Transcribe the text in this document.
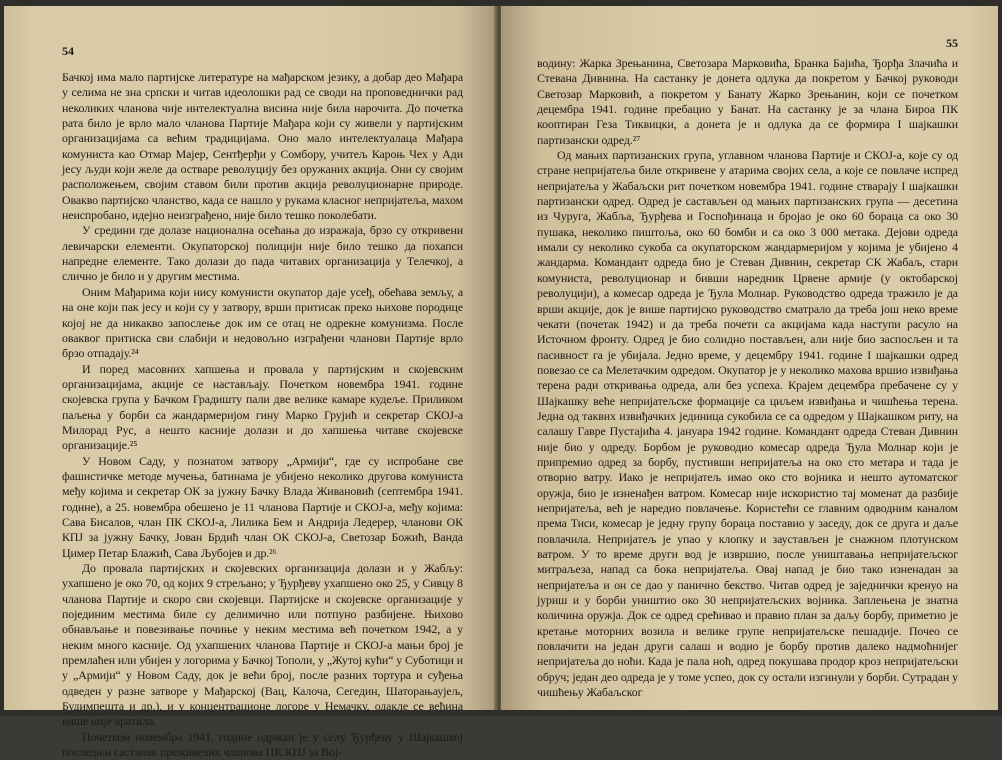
54

Бачкој има мало партијске литературе на мађарском језику, а добар део Мађара у селима не зна српски и читав идеолошки рад се своди на проповеднички рад неколиких чланова чије интелектуална висина није била нарочита. До почетка рата било је врло мало чланова Партије Мађара који су живели у партијским организацијама са већим традицијама. Оно мало интелектуалаца Мађара комуниста као Отмар Мајер, Сентђерђи у Сомбору, учитељ Кароњ Чех у Ади јесу људи који желе да остваре револуцију без оружаних акција. Они су својим расположењем, својим ставом били против акција револуционарне природе. Овакво партијско чланство, када се нашло у рукама класног непријатеља, махом неиспробано, идејно неизграђено, није било тешко поколебати.

У средини где долазе национална осећања до изражаја, брзо су откривени левичарски елементи. Окупаторској полицији није било тешко да похапси напреднe елементе. Тако долази до пада читавих организација у Телечкој, а слично је било и у другим местима.

Оним Мађарима који нису комунисти окупатор даје уcеђ, обећава земљу, а на оне који пак јесу и који су у затвору, врши притисак преко њихове породице којој не да никакво запослење док им се отац не одрекне комунизма. После оваквог притиска сви слабији и недовољно изграђени чланови Партије врло брзо отпадају.²⁴

И поред масовних хапшења и провала у партијским и скојевским организацијама, акције се настављају. Почетком новембра 1941. године скојевска група у Бачком Градишту пали две велике камаре кудеље. Приликом паљења у борби са жандармеријом гину Марко Грујић и секретар СКОЈ-а Милорад Рус, а нешто касније долази и до хапшења читаве скојевске организације.²⁵

У Новом Саду, у познатом затвору „Армији“, где су испробане све фашистичке методе мучења, батинама је убијено неколико другова комуниста међу којима и секретар ОК за јужну Бачку Влада Живановић (септембра 1941. године), а 25. новембра обешено је 11 чланова Партије и СКОЈ-а, међу којима: Сава Бисалов, члан ПК СКОЈ-а, Лилика Бем и Андрија Ледерер, чланови ОК КПЈ за јужну Бачку, Јован Брдић члан ОК СКОЈ-а, Светозар Божић, Ванда Цимер Петар Блажић, Сава Љубојев и др.²⁶

До провала партијских и скојевских организација долази и у Жабљу: ухапшено је око 70, од којих 9 стрељано; у Ђурђеву ухапшено око 25, у Сивцу 8 чланова Партије и скоро сви скојевци. Партијске и скојевске организације у појединим местима биле су делимично или потпуно разбијене. Њихово обнављање и повезивање почиње у неким местима већ почетком 1942, а у неким много касније. Од ухапшених чланова Партије и СКОЈ-а мањи број је премлаћен или убијен у логорима у Бачкој Тополи, у „Жутој кући“ у Суботици и у „Армији“ у Новом Саду, док је већи број, после разних тортура и суђења одведен у разне затворе у Мађарској (Вац, Калоча, Сегедин, Шаторањаујељ, Будимпешта и др.), и у концентрационе логоре у Немачку, одакле се већина више није вратила.

Почетком новембра 1941. године одржан је у селу Ђурђеву у Шајкашкој последњи састанак преживелих чланова ПК КПЈ за Вој-

55

водину: Жарка Зрењанина, Светозара Марковића, Бранка Бајића, Ђорђа Злачића и Стевана Дивнина. На састанку је донета одлука да покретом у Бачкој руководи Светозар Марковић, а покретом у Банату Жарко Зрењанин, који се почетком децембра 1941. године пребацио у Банат. На састанку је за члана Бироа ПК кооптиран Геза Тиквицки, а донета је и одлука да се формира I шајкашки партизански одред.²⁷

Од мањих партизанских група, углавном чланова Партије и СКОЈ-а, које су од стране непријатеља биле откривене у атарима својих села, а које се повлаче испред непријатеља у Жабаљски рит почетком новембра 1941. године стварају I шајкашки партизански одред. Одред је састављен од мањих партизанских група — десетина из Чуруга, Жабља, Ђурђева и Госпођинаца и бројао је око 60 бораца са око 30 пушака, неколико пиштоља, око 60 бомби и са око 3 000 метака. Дејови одреда имали су неколико сукоба са окупаторском жандармеријом у којима је убијено 4 жандарма. Командант одреда био је Стеван Дивнин, секретар СК Жабаљ, стари комуниста, револуционар и бивши наредник Црвене армије (у октобарској револуцији), а комесар одреда је Ђула Молнар. Руководство одреда тражило је да врши акције, док је више партијско руководство сматрало да треба још неко време чекати (почетак 1942) и да треба почети са акцијама када наступи расуло на Источном фронту. Одред је био солидно постављен, али није био заспосљен и та пасивност га је убијала. Једно време, у децембру 1941. године I шајкашки одред повезао се са Мелетачким одредом. Окупатор је у неколико махова вршио извиђања терена ради откривања одреда, али без успеха. Крајем децембра пребачене су у Шајкашку веће непријатељске формације са циљем извиђања и чишћења терена. Једна од таквих извиђачких јединица сукобила се са одредом у Шајкашком риту, на салашу Гавре Пустајића 4. јануара 1942 године. Командант одреда Стеван Дивнин није био у одреду. Борбом је руководио комесар одреда Ђула Молнар који је припремио одред за борбу, пустивши непријатеља на око сто метара и тада је отворио ватру. Иако је непријатељ имао око сто војника и нешто аутоматског оружја, био је изненађен ватром. Комесар није искористио тај моменат да разбије непријатеља, већ је наредио повлачење. Користећи се главним одводним каналом према Тиси, комесар је једну групу бораца поставио у заседу, док се друга и даље повлачила. Непријатељ је упао у клопку и заустављен је снажном плотунском ватром. У то време други вод је извршио, после уништавања непријатељског митраљеза, напад са бока непријатеља. Овај напад је био тако изненадан за непријатеља и он се дао у панично бекство. Читав одред је заједнички кренуо на јуриш и у борби уништио око 30 непријатељских војника. Заплењена је знатна количина оружја. Док се одред срећивао и правио план за даљу борбу, приметио је кретање моторних возила и велике групе непријатељске пешадије. Почео се повлачити на један други салаш и водио је борбу против далеко надмоћнијег непријатеља до ноћи. Када је пала ноћ, одред покушава продор кроз непријатељски обруч; један део одреда је у томе успео, док су остали изгинули у борби. Сутрадан у чишћењу Жабаљског
